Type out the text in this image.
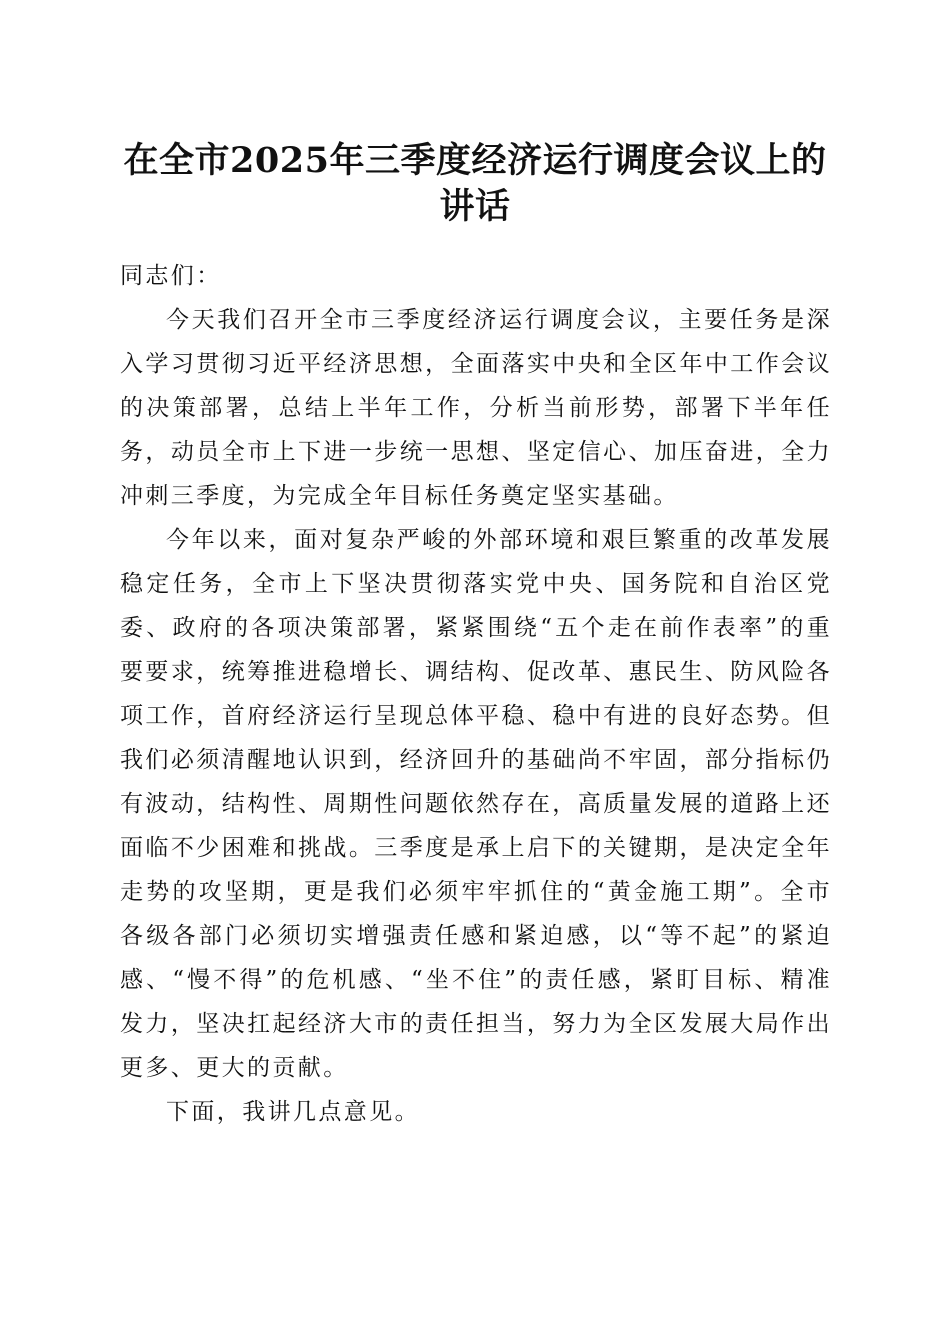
在全市2025年三季度经济运行调度会议上的
讲话

同志们：

今天我们召开全市三季度经济运行调度会议，主要任务是深入学习贯彻习近平经济思想，全面落实中央和全区年中工作会议的决策部署，总结上半年工作，分析当前形势，部署下半年任务，动员全市上下进一步统一思想、坚定信心、加压奋进，全力冲刺三季度，为完成全年目标任务奠定坚实基础。

今年以来，面对复杂严峻的外部环境和艰巨繁重的改革发展稳定任务，全市上下坚决贯彻落实党中央、国务院和自治区党委、政府的各项决策部署，紧紧围绕“五个走在前作表率”的重要要求，统筹推进稳增长、调结构、促改革、惠民生、防风险各项工作，首府经济运行呈现总体平稳、稳中有进的良好态势。但我们必须清醒地认识到，经济回升的基础尚不牢固，部分指标仍有波动，结构性、周期性问题依然存在，高质量发展的道路上还面临不少困难和挑战。三季度是承上启下的关键期，是决定全年走势的攻坚期，更是我们必须牢牢抓住的“黄金施工期”。全市各级各部门必须切实增强责任感和紧迫感，以“等不起”的紧迫感、“慢不得”的危机感、“坐不住”的责任感，紧盯目标、精准发力，坚决扛起经济大市的责任担当，努力为全区发展大局作出更多、更大的贡献。

下面，我讲几点意见。
